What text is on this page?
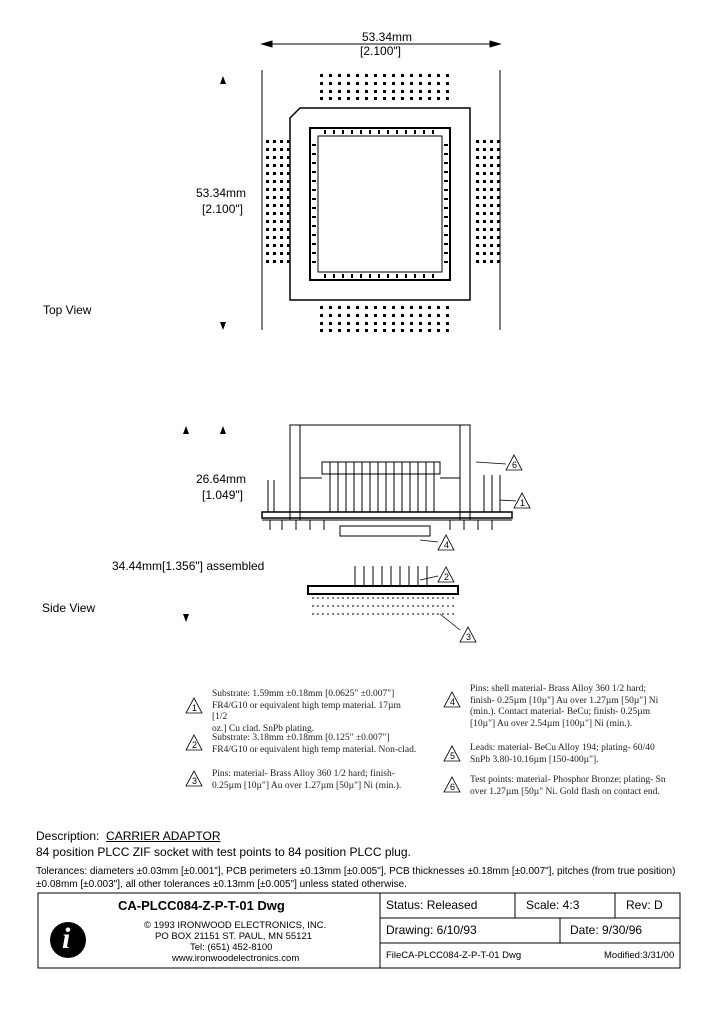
53.34mm
[2.100"]
53.34mm
[2.100"]
Top View
26.64mm
[1.049"]
34.44mm[1.356"] assembled
Side View
6
1
4
2
3
1
Substrate: 1.59mm ±0.18mm [0.0625" ±0.007"]
FR4/G10 or equivalent high temp material. 17µm [1/2
oz.] Cu clad. SnPb plating.
2
Substrate: 3.18mm ±0.18mm [0.125" ±0.007"]
FR4/G10 or equivalent high temp material. Non-clad.
3
Pins: material- Brass Alloy 360 1/2 hard; finish-
0.25µm [10µ"] Au over 1.27µm [50µ"] Ni (min.).
4
Pins: shell material- Brass Alloy 360 1/2 hard;
finish- 0.25µm [10µ"] Au over 1.27µm [50µ"] Ni
(min.). Contact material- BeCu; finish- 0.25µm
[10µ"] Au over 2.54µm [100µ"] Ni (min.).
5
Leads: material- BeCu Alloy 194; plating- 60/40
SnPb 3.80-10.16µm [150-400µ"].
6
Test points: material- Phosphor Bronze; plating- Sn
over 1.27µm [50µ" Ni. Gold flash on contact end.
Description: CARRIER ADAPTOR
84 position PLCC ZIF socket with test points to 84 position PLCC plug.
Tolerances: diameters ±0.03mm [±0.001"], PCB perimeters ±0.13mm [±0.005"], PCB thicknesses ±0.18mm [±0.007"], pitches (from true position)
±0.08mm [±0.003"], all other tolerances ±0.13mm [±0.005"] unless stated otherwise.
CA-PLCC084-Z-P-T-01 Dwg
© 1993 IRONWOOD ELECTRONICS, INC.
PO BOX 21151 ST. PAUL, MN 55121
Tel: (651) 452-8100
www.ironwoodelectronics.com
i
Status: Released	Scale: 4:3	Rev: D
Drawing: 6/10/93	Date: 9/30/96
FileCA-PLCC084-Z-P-T-01 Dwg	Modified:3/31/00
